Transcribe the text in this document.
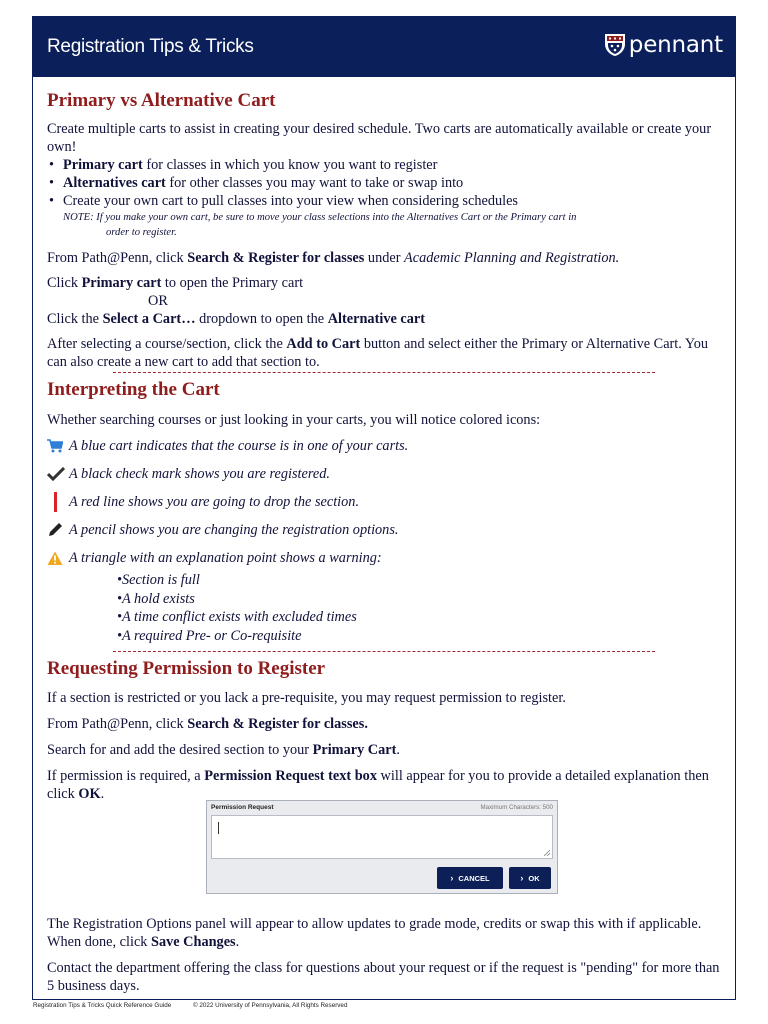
Registration Tips & Tricks	pennant
Primary vs Alternative Cart

Create multiple carts to assist in creating your desired schedule. Two carts are automatically available or create your own!

• Primary cart for classes in which you know you want to register
• Alternatives cart for other classes you may want to take or swap into
• Create your own cart to pull classes into your view when considering schedules
NOTE: If you make your own cart, be sure to move your class selections into the Alternatives Cart or the Primary cart in
order to register.

From Path@Penn, click Search & Register for classes under Academic Planning and Registration.

Click Primary cart to open the Primary cart

OR

Click the Select a Cart… dropdown to open the Alternative cart

After selecting a course/section, click the Add to Cart button and select either the Primary or Alternative Cart. You can also create a new cart to add that section to.

Interpreting the Cart

Whether searching courses or just looking in your carts, you will notice colored icons:

A blue cart indicates that the course is in one of your carts.
A black check mark shows you are registered.
A red line shows you are going to drop the section.
A pencil shows you are changing the registration options.
A triangle with an explanation point shows a warning:
•Section is full
•A hold exists
•A time conflict exists with excluded times
•A required Pre- or Co-requisite
Requesting Permission to Register

If a section is restricted or you lack a pre-requisite, you may request permission to register.

From Path@Penn, click Search & Register for classes.

Search for and add the desired section to your Primary Cart.

If permission is required, a Permission Request text box will appear for you to provide a detailed explanation then click OK.

The Registration Options panel will appear to allow updates to grade mode, credits or swap this with if applicable. When done, click Save Changes.

Contact the department offering the class for questions about your request or if the request is "pending" for more than 5 business days.

Permission Request	Maximum Characters: 500
› CANCEL	› OK
Registration Tips & Tricks Quick Reference Guide	© 2022 University of Pennsylvania, All Rights Reserved
